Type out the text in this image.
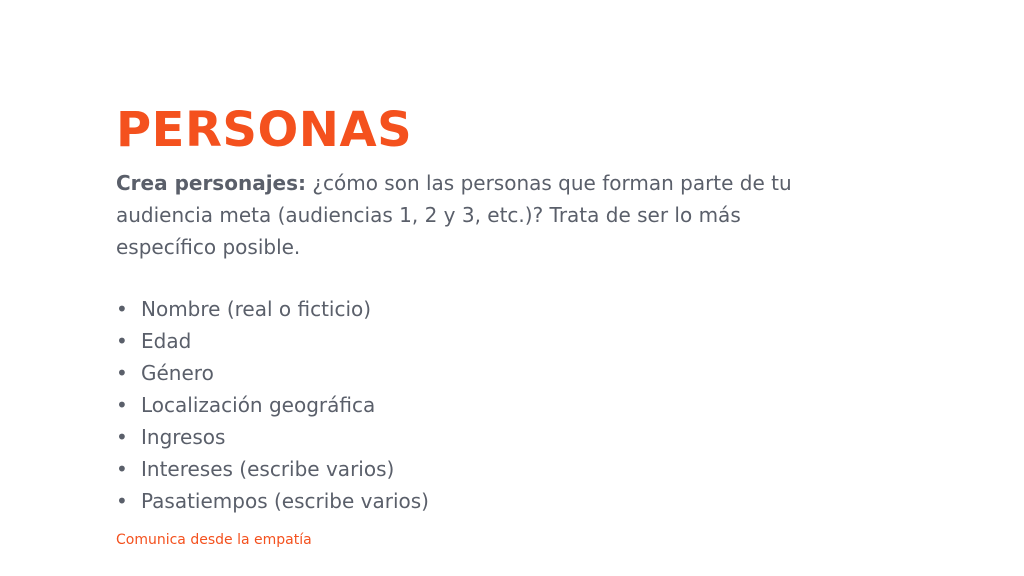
PERSONAS

Crea personajes: ¿cómo son las personas que forman parte de tu audiencia meta (audiencias 1, 2 y 3, etc.)? Trata de ser lo más específico posible.

• Nombre (real o ficticio)
• Edad
• Género
• Localización geográfica
• Ingresos
• Intereses (escribe varios)
• Pasatiempos (escribe varios)

Comunica desde la empatía
